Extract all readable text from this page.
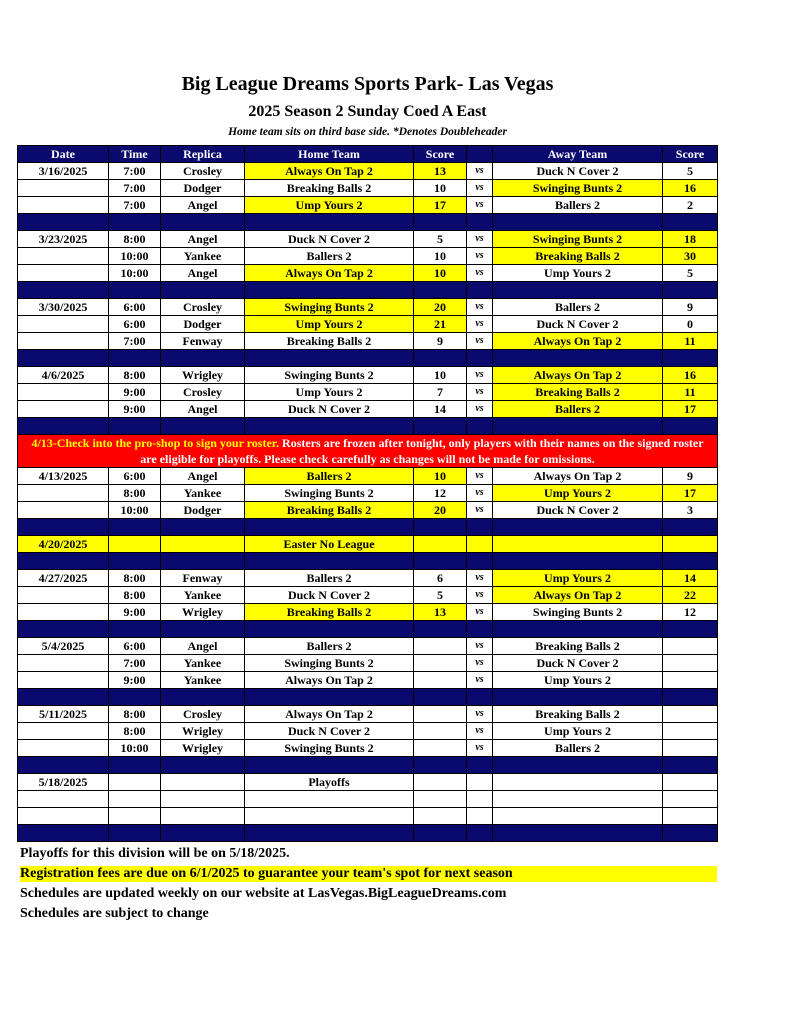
Big League Dreams Sports Park- Las Vegas
2025 Season 2 Sunday Coed A East
Home team sits on third base side. *Denotes Doubleheader
Date	Time	Replica	Home Team	Score		Away Team	Score
3/16/2025	7:00	Crosley	Always On Tap 2	13	vs	Duck N Cover 2	5
	7:00	Dodger	Breaking Balls 2	10	vs	Swinging Bunts 2	16
	7:00	Angel	Ump Yours 2	17	vs	Ballers 2	2

3/23/2025	8:00	Angel	Duck N Cover 2	5	vs	Swinging Bunts 2	18
	10:00	Yankee	Ballers 2	10	vs	Breaking Balls 2	30
	10:00	Angel	Always On Tap 2	10	vs	Ump Yours 2	5

3/30/2025	6:00	Crosley	Swinging Bunts 2	20	vs	Ballers 2	9
	6:00	Dodger	Ump Yours 2	21	vs	Duck N Cover 2	0
	7:00	Fenway	Breaking Balls 2	9	vs	Always On Tap 2	11

4/6/2025	8:00	Wrigley	Swinging Bunts 2	10	vs	Always On Tap 2	16
	9:00	Crosley	Ump Yours 2	7	vs	Breaking Balls 2	11
	9:00	Angel	Duck N Cover 2	14	vs	Ballers 2	17

4/13-Check into the pro-shop to sign your roster. Rosters are frozen after tonight, only players with their names on the signed roster are eligible for playoffs. Please check carefully as changes will not be made for omissions.							
4/13/2025	6:00	Angel	Ballers 2	10	vs	Always On Tap 2	9
	8:00	Yankee	Swinging Bunts 2	12	vs	Ump Yours 2	17
	10:00	Dodger	Breaking Balls 2	20	vs	Duck N Cover 2	3

4/20/2025			Easter No League				

4/27/2025	8:00	Fenway	Ballers 2	6	vs	Ump Yours 2	14
	8:00	Yankee	Duck N Cover 2	5	vs	Always On Tap 2	22
	9:00	Wrigley	Breaking Balls 2	13	vs	Swinging Bunts 2	12

5/4/2025	6:00	Angel	Ballers 2		vs	Breaking Balls 2	
	7:00	Yankee	Swinging Bunts 2		vs	Duck N Cover 2	
	9:00	Yankee	Always On Tap 2		vs	Ump Yours 2	

5/11/2025	8:00	Crosley	Always On Tap 2		vs	Breaking Balls 2	
	8:00	Wrigley	Duck N Cover 2		vs	Ump Yours 2	
	10:00	Wrigley	Swinging Bunts 2		vs	Ballers 2	

5/18/2025			Playoffs				

Playoffs for this division will be on 5/18/2025.
Registration fees are due on 6/1/2025 to guarantee your team's spot for next season
Schedules are updated weekly on our website at LasVegas.BigLeagueDreams.com
Schedules are subject to change
